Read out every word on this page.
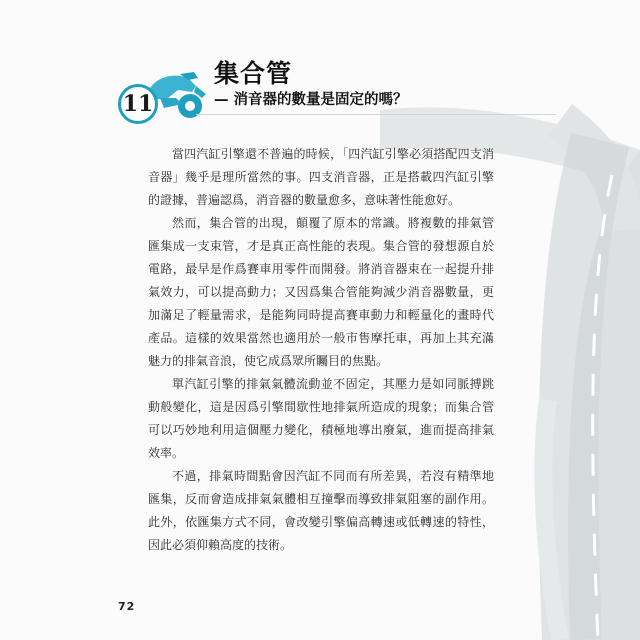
11
集合管
— 消音器的數量是固定的嗎？

當四汽缸引擎還不普遍的時候，「四汽缸引擎必須搭配四支消音器」幾乎是理所當然的事。四支消音器，正是搭載四汽缸引擎的證據，普遍認爲，消音器的數量愈多，意味著性能愈好。

然而，集合管的出現，顛覆了原本的常識。將複數的排氣管匯集成一支束管，才是真正高性能的表現。集合管的發想源自於電路，最早是作爲賽車用零件而開發。將消音器束在一起提升排氣效力，可以提高動力；又因爲集合管能夠減少消音器數量，更加滿足了輕量需求，是能夠同時提高賽車動力和輕量化的畫時代產品。這樣的效果當然也適用於一般市售摩托車，再加上其充滿魅力的排氣音浪，使它成爲眾所矚目的焦點。

單汽缸引擎的排氣氣體流動並不固定，其壓力是如同脈搏跳動般變化，這是因爲引擎間歇性地排氣所造成的現象；而集合管可以巧妙地利用這個壓力變化，積極地導出廢氣，進而提高排氣效率。

不過，排氣時間點會因汽缸不同而有所差異，若沒有精準地匯集，反而會造成排氣氣體相互撞擊而導致排氣阻塞的副作用。此外，依匯集方式不同，會改變引擎偏高轉速或低轉速的特性，因此必須仰賴高度的技術。

72
